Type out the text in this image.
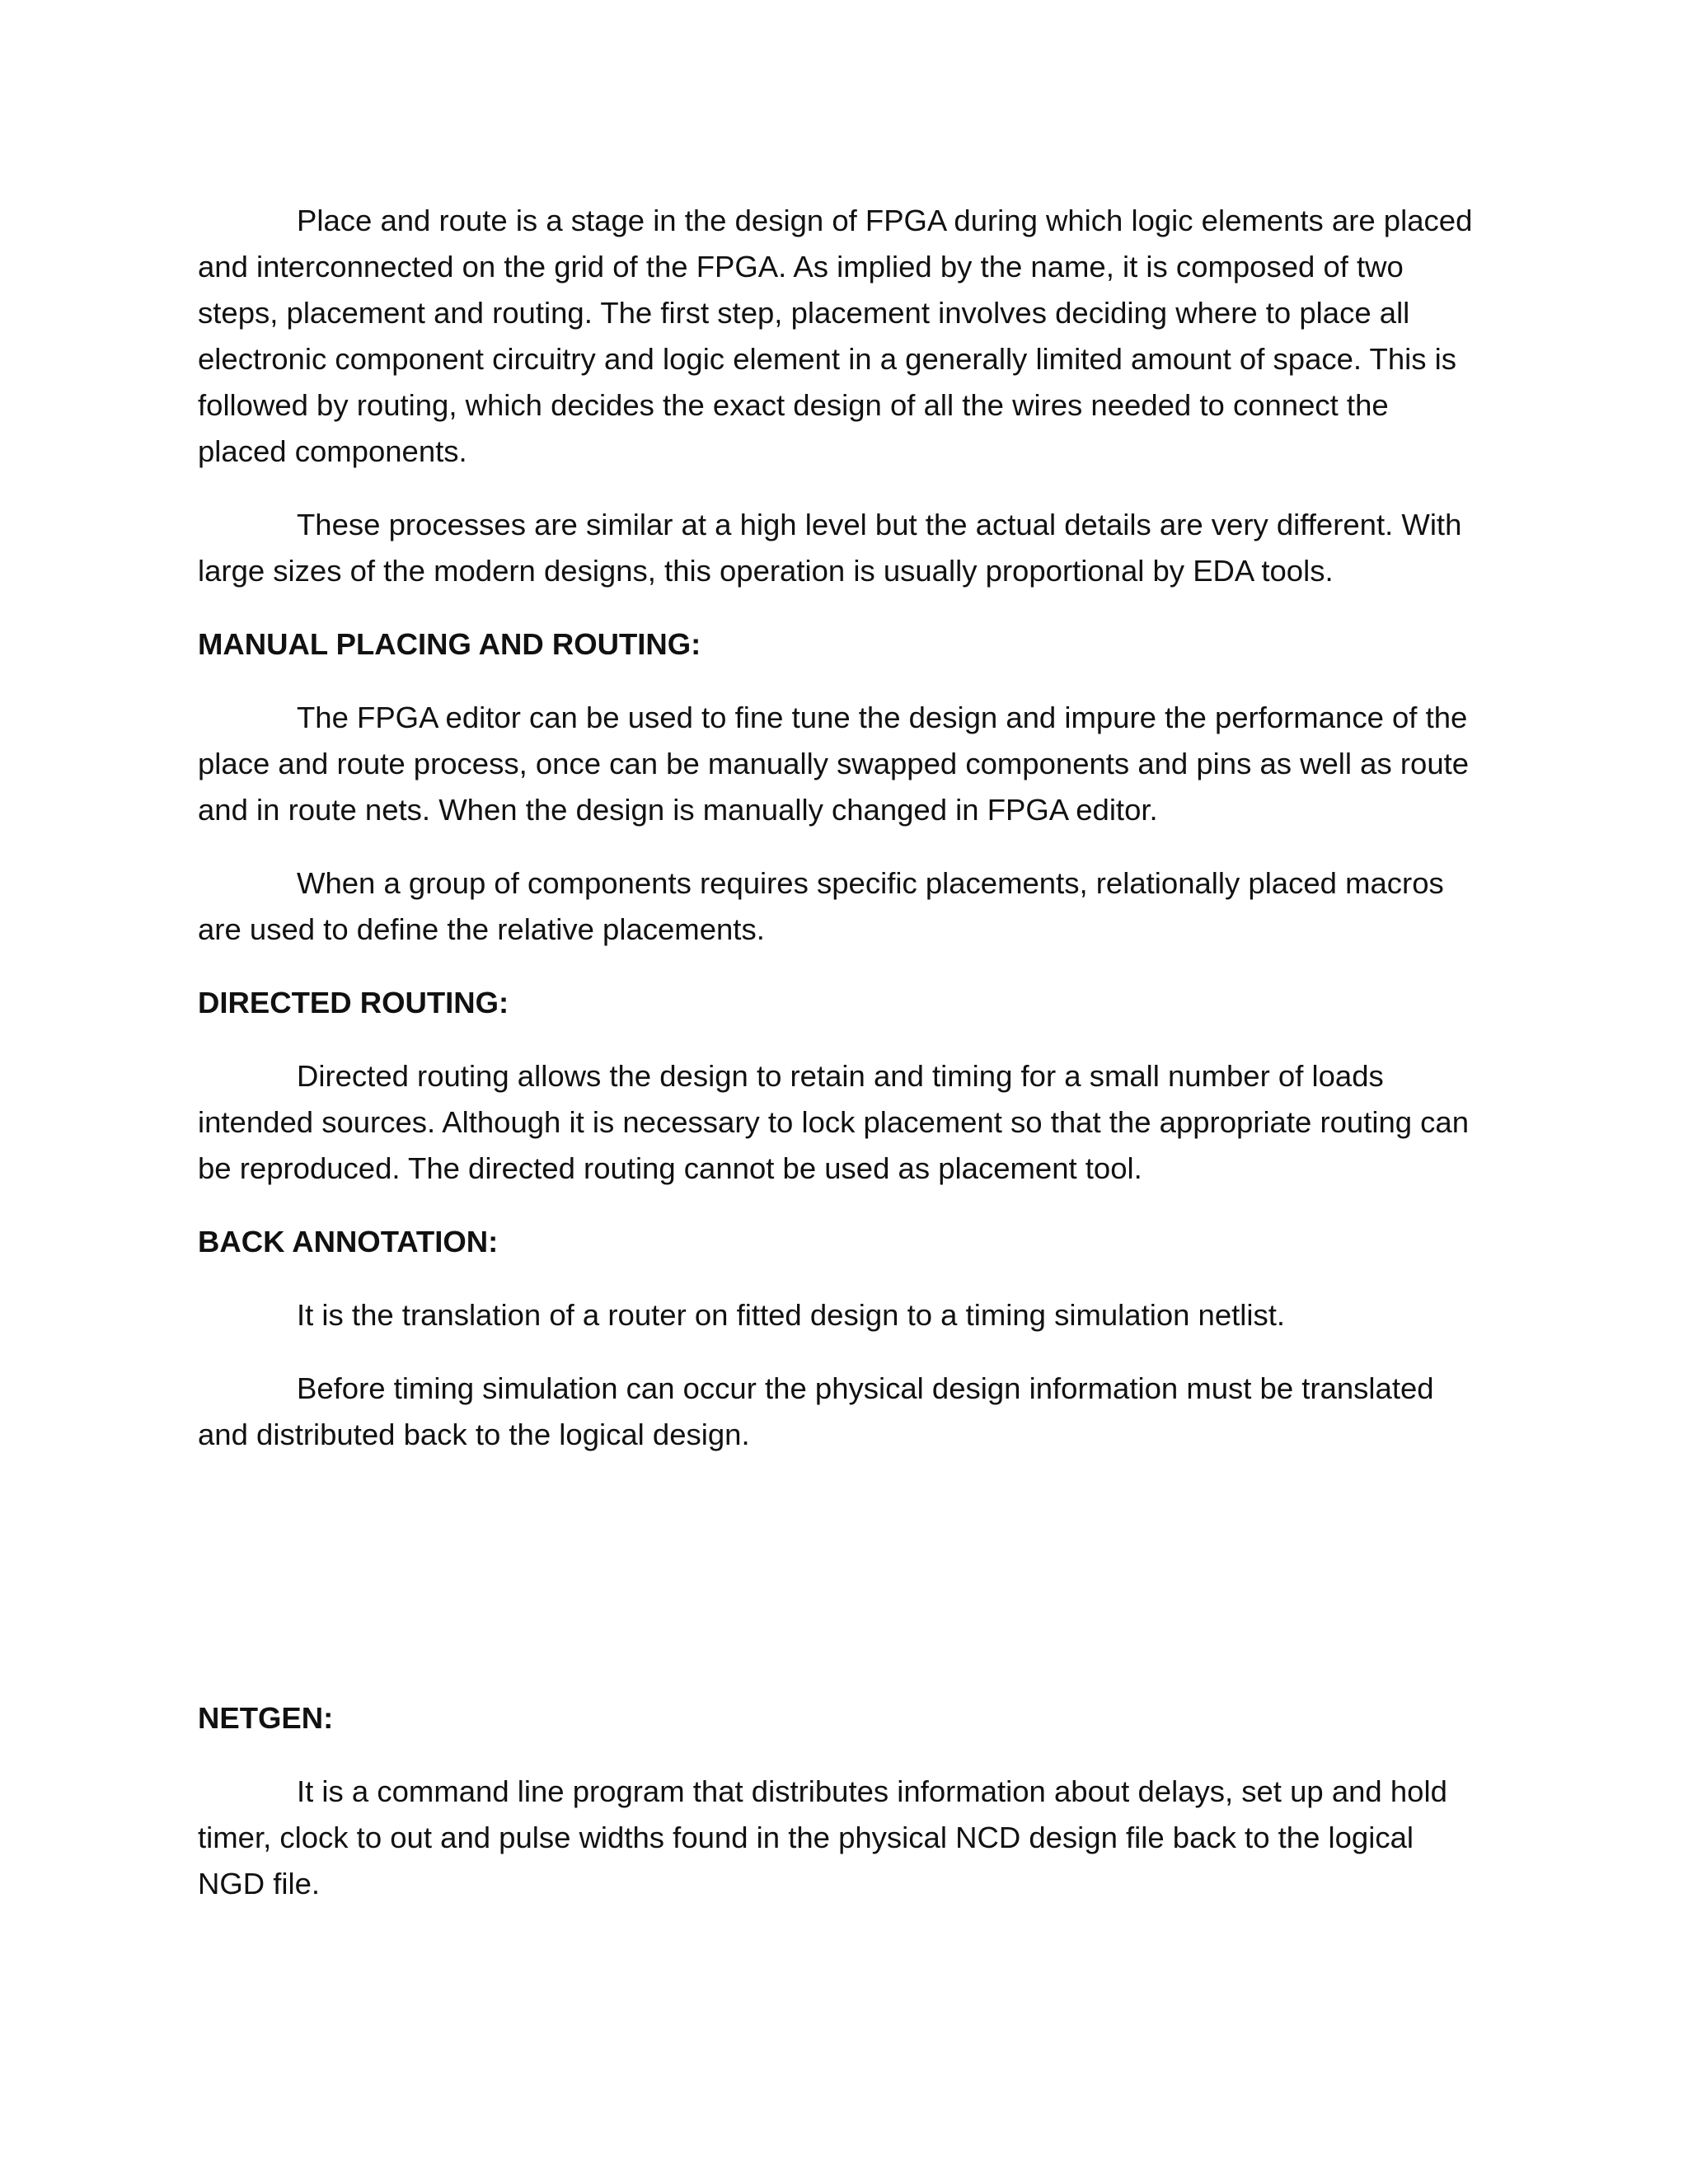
Place and route is a stage in the design of FPGA during which logic elements are placed and interconnected on the grid of the FPGA. As implied by the name, it is composed of two steps, placement and routing. The first step, placement involves deciding where to place all electronic component circuitry and logic element in a generally limited amount of space. This is followed by routing, which decides the exact design of all the wires needed to connect the placed components.

These processes are similar at a high level but the actual details are very different. With large sizes of the modern designs, this operation is usually proportional by EDA tools.

MANUAL PLACING AND ROUTING:

The FPGA editor can be used to fine tune the design and impure the performance of the place and route process, once can be manually swapped components and pins as well as route and in route nets. When the design is manually changed in FPGA editor.

When a group of components requires specific placements, relationally placed macros are used to define the relative placements.

DIRECTED ROUTING:

Directed routing allows the design to retain and timing for a small number of loads intended sources. Although it is necessary to lock placement so that the appropriate routing can be reproduced. The directed routing cannot be used as placement tool.

BACK ANNOTATION:

It is the translation of a router on fitted design to a timing simulation netlist.

Before timing simulation can occur the physical design information must be translated and distributed back to the logical design.

NETGEN:

It is a command line program that distributes information about delays, set up and hold timer, clock to out and pulse widths found in the physical NCD design file back to the logical NGD file.
